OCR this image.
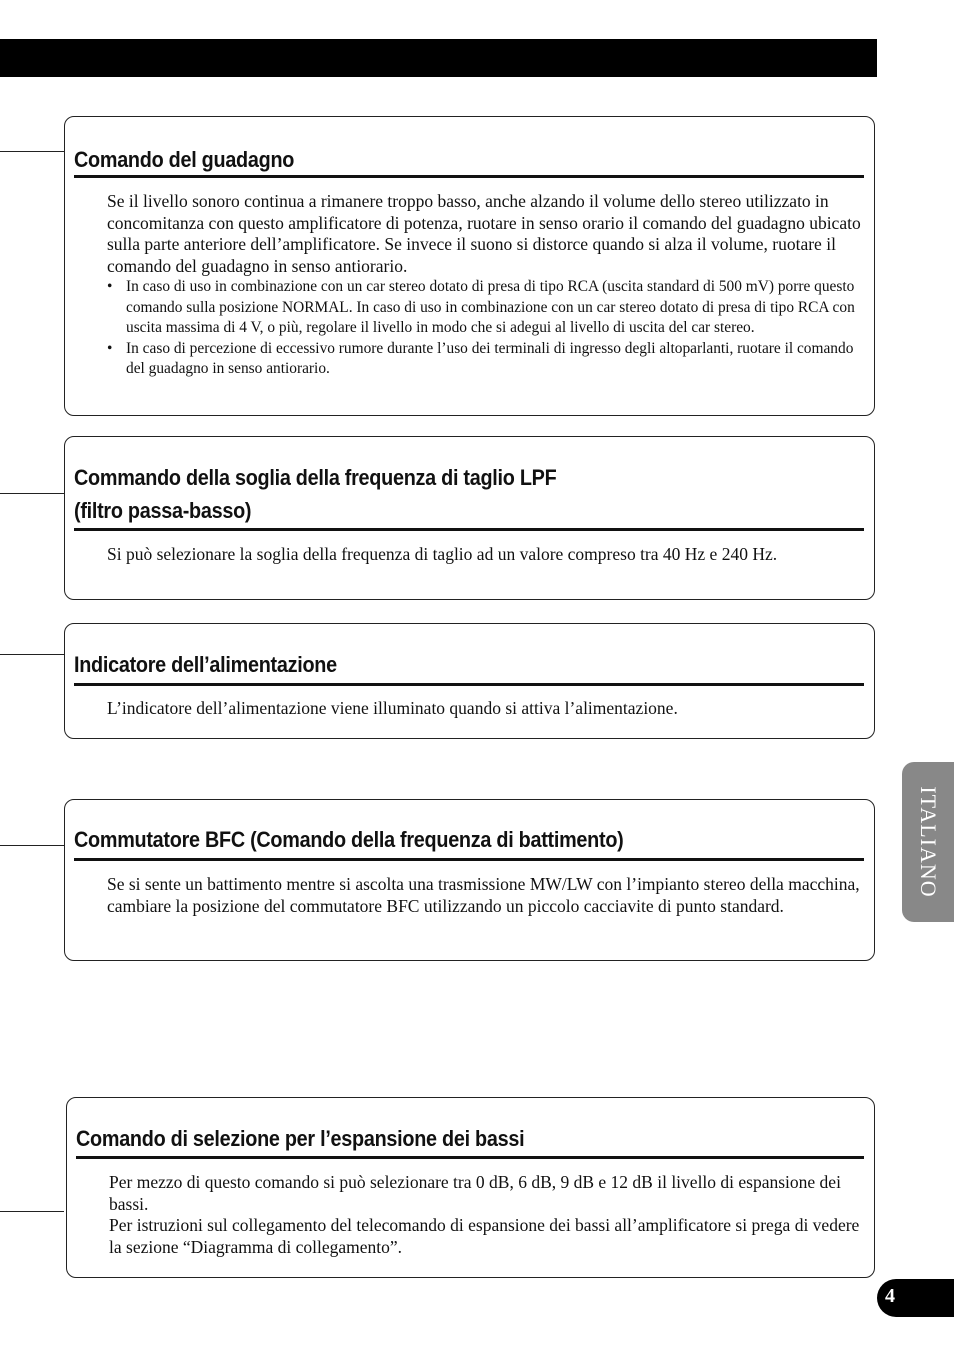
Comando del guadagno
Se il livello sonoro continua a rimanere troppo basso, anche alzando il volume dello stereo utilizzato in concomitanza con questo amplificatore di potenza, ruotare in senso orario il comando del guadagno ubicato sulla parte anteriore dell’amplificatore. Se invece il suono si distorce quando si alza il volume, ruotare il comando del guadagno in senso antiorario.
• In caso di uso in combinazione con un car stereo dotato di presa di tipo RCA (uscita standard di 500 mV) porre questo comando sulla posizione NORMAL. In caso di uso in combinazione con un car stereo dotato di presa di tipo RCA con uscita massima di 4 V, o più, regolare il livello in modo che si adegui al livello di uscita del car stereo.
• In caso di percezione di eccessivo rumore durante l’uso dei terminali di ingresso degli altoparlanti, ruotare il comando del guadagno in senso antiorario.
Commando della soglia della frequenza di taglio LPF
(filtro passa-basso)
Si può selezionare la soglia della frequenza di taglio ad un valore compreso tra 40 Hz e 240 Hz.
Indicatore dell’alimentazione
L’indicatore dell’alimentazione viene illuminato quando si attiva l’alimentazione.
Commutatore BFC (Comando della frequenza di battimento)
Se si sente un battimento mentre si ascolta una trasmissione MW/LW con l’impianto stereo della macchina, cambiare la posizione del commutatore BFC utilizzando un piccolo cacciavite di punto standard.
Comando di selezione per l’espansione dei bassi
Per mezzo di questo comando si può selezionare tra 0 dB, 6 dB, 9 dB e 12 dB il livello di espansione dei bassi.
Per istruzioni sul collegamento del telecomando di espansione dei bassi all’amplificatore si prega di vedere la sezione “Diagramma di collegamento”.
ITALIANO
4
